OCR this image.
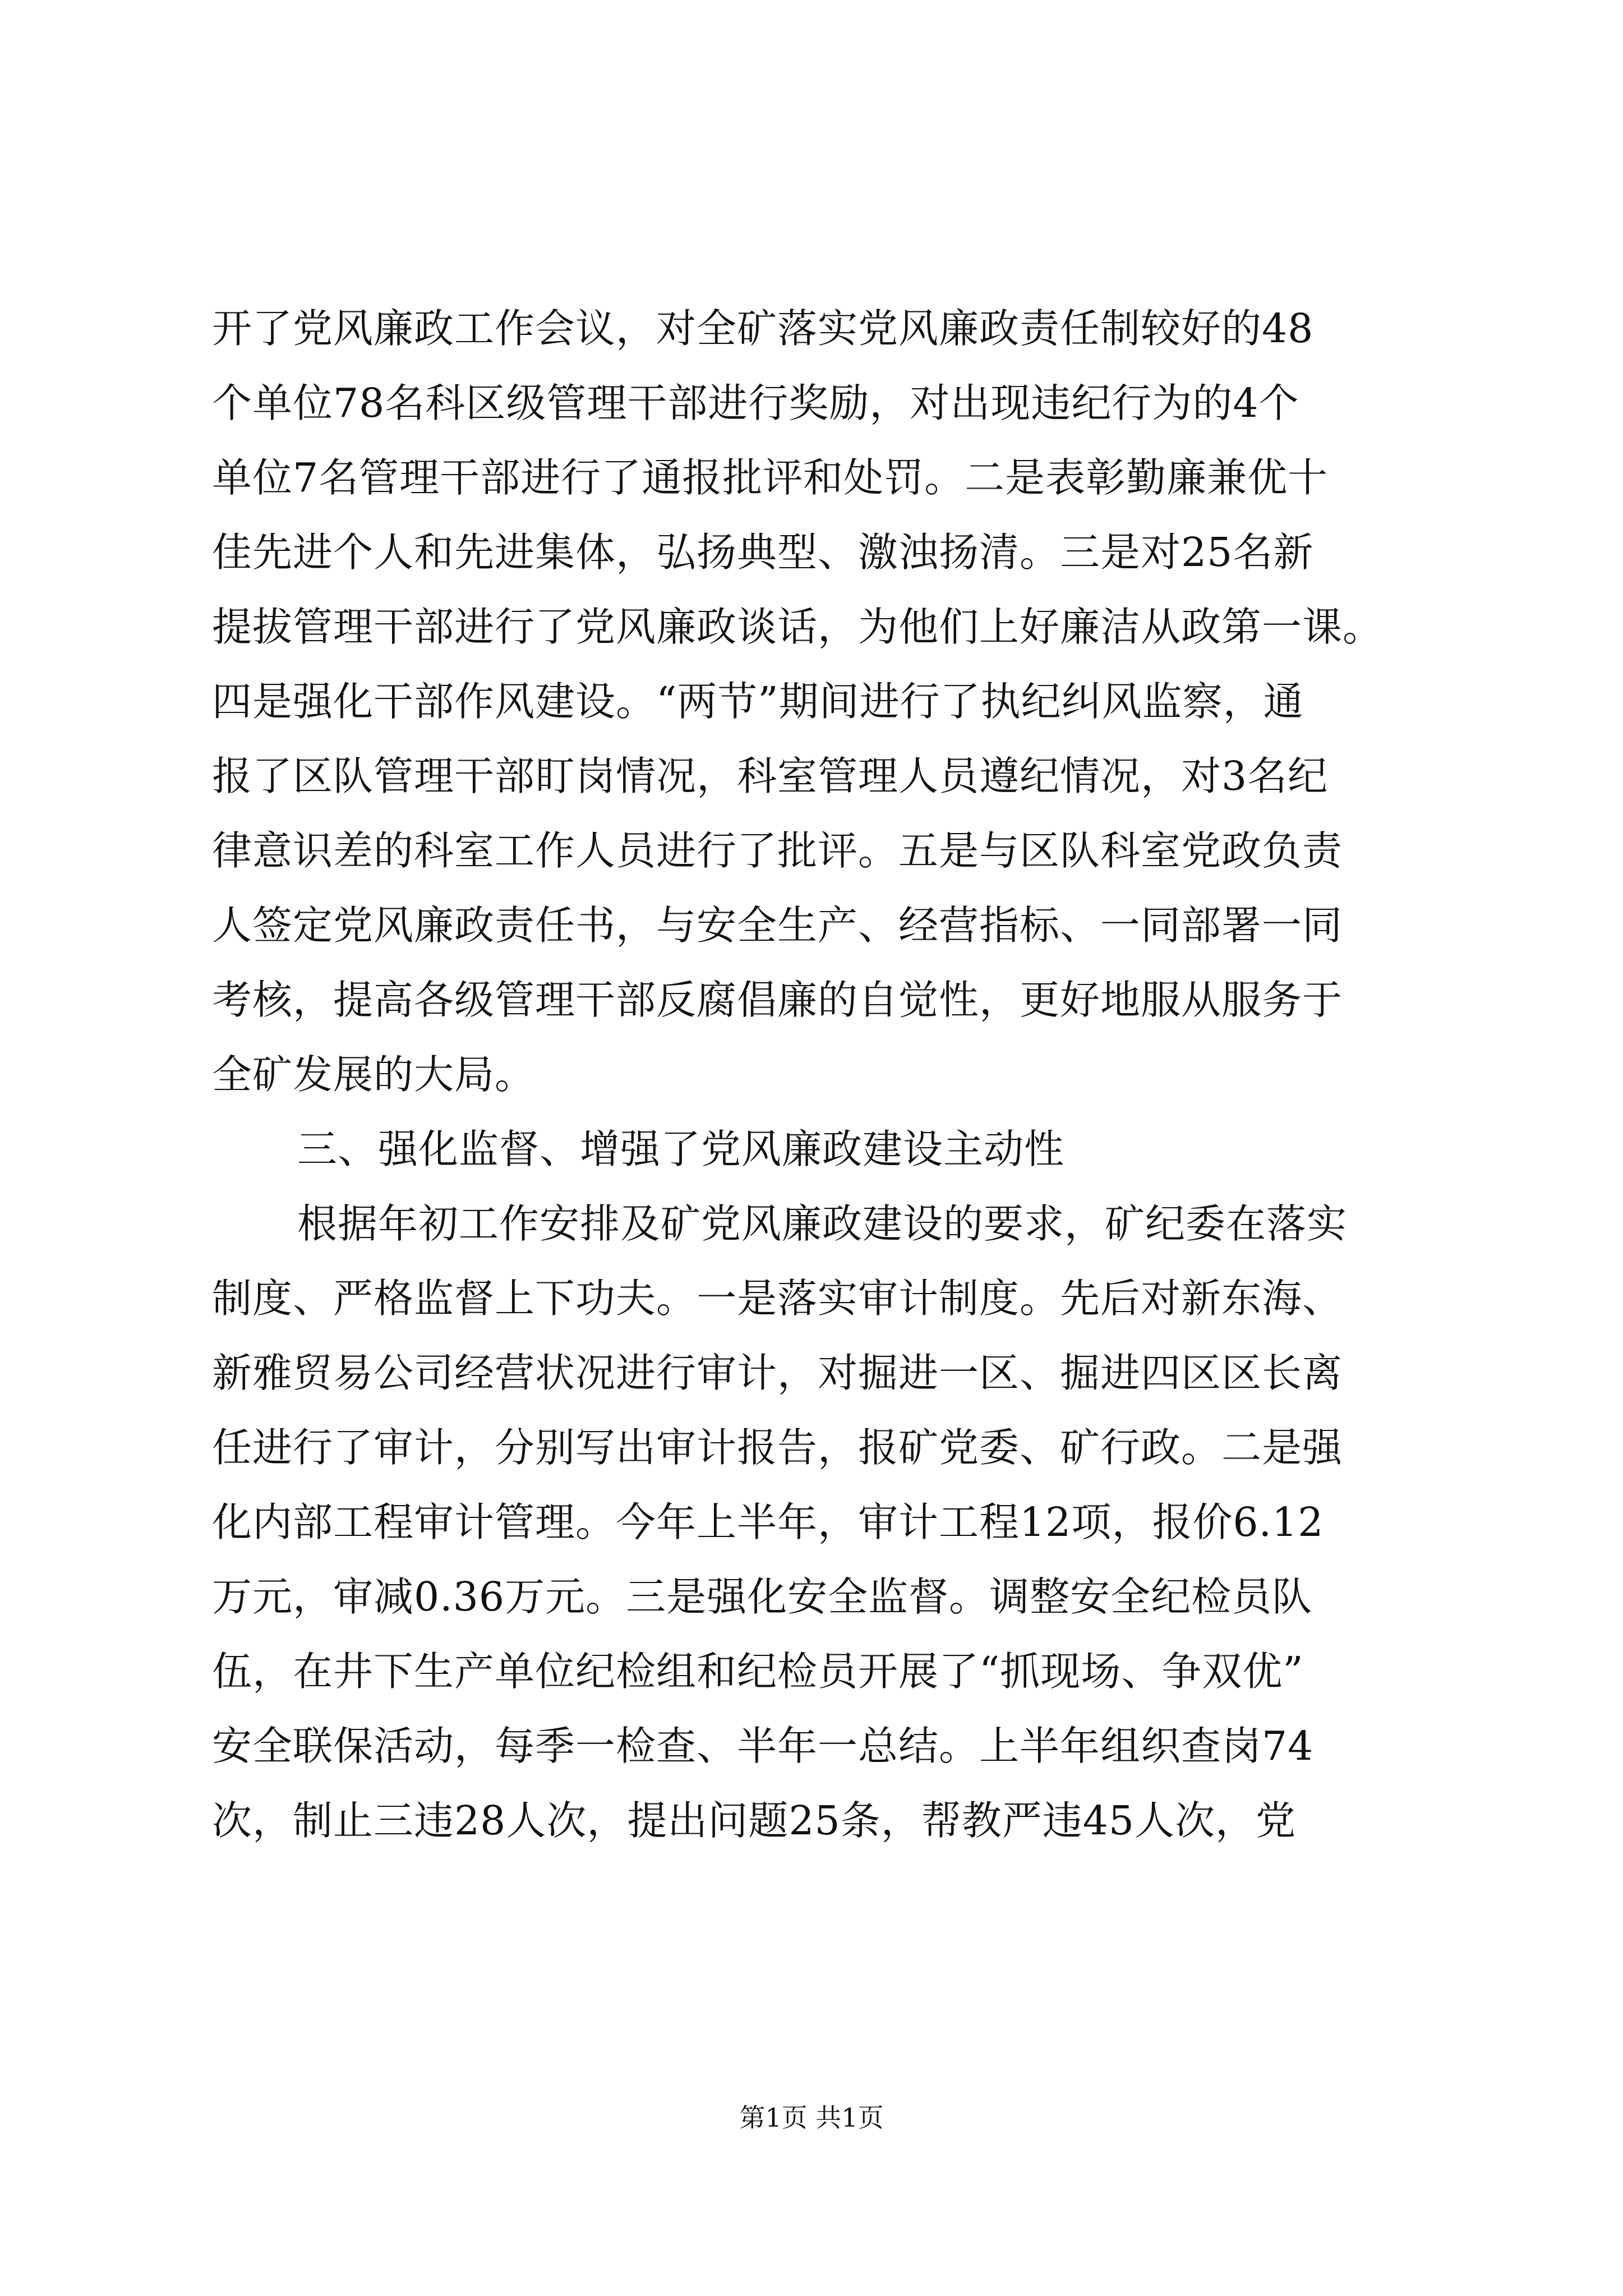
开了党风廉政工作会议，对全矿落实党风廉政责任制较好的48
个单位78名科区级管理干部进行奖励，对出现违纪行为的4个
单位7名管理干部进行了通报批评和处罚。二是表彰勤廉兼优十
佳先进个人和先进集体，弘扬典型、激浊扬清。三是对25名新
提拔管理干部进行了党风廉政谈话，为他们上好廉洁从政第一课。
四是强化干部作风建设。“两节”期间进行了执纪纠风监察，通
报了区队管理干部盯岗情况，科室管理人员遵纪情况，对3名纪
律意识差的科室工作人员进行了批评。五是与区队科室党政负责
人签定党风廉政责任书，与安全生产、经营指标、一同部署一同
考核，提高各级管理干部反腐倡廉的自觉性，更好地服从服务于
全矿发展的大局。
三、强化监督、增强了党风廉政建设主动性
根据年初工作安排及矿党风廉政建设的要求，矿纪委在落实
制度、严格监督上下功夫。一是落实审计制度。先后对新东海、
新雅贸易公司经营状况进行审计，对掘进一区、掘进四区区长离
任进行了审计，分别写出审计报告，报矿党委、矿行政。二是强
化内部工程审计管理。今年上半年，审计工程12项，报价6.12
万元，审减0.36万元。三是强化安全监督。调整安全纪检员队
伍，在井下生产单位纪检组和纪检员开展了“抓现场、争双优”
安全联保活动，每季一检查、半年一总结。上半年组织查岗74
次，制止三违28人次，提出问题25条，帮教严违45人次，党
第1页 共1页
